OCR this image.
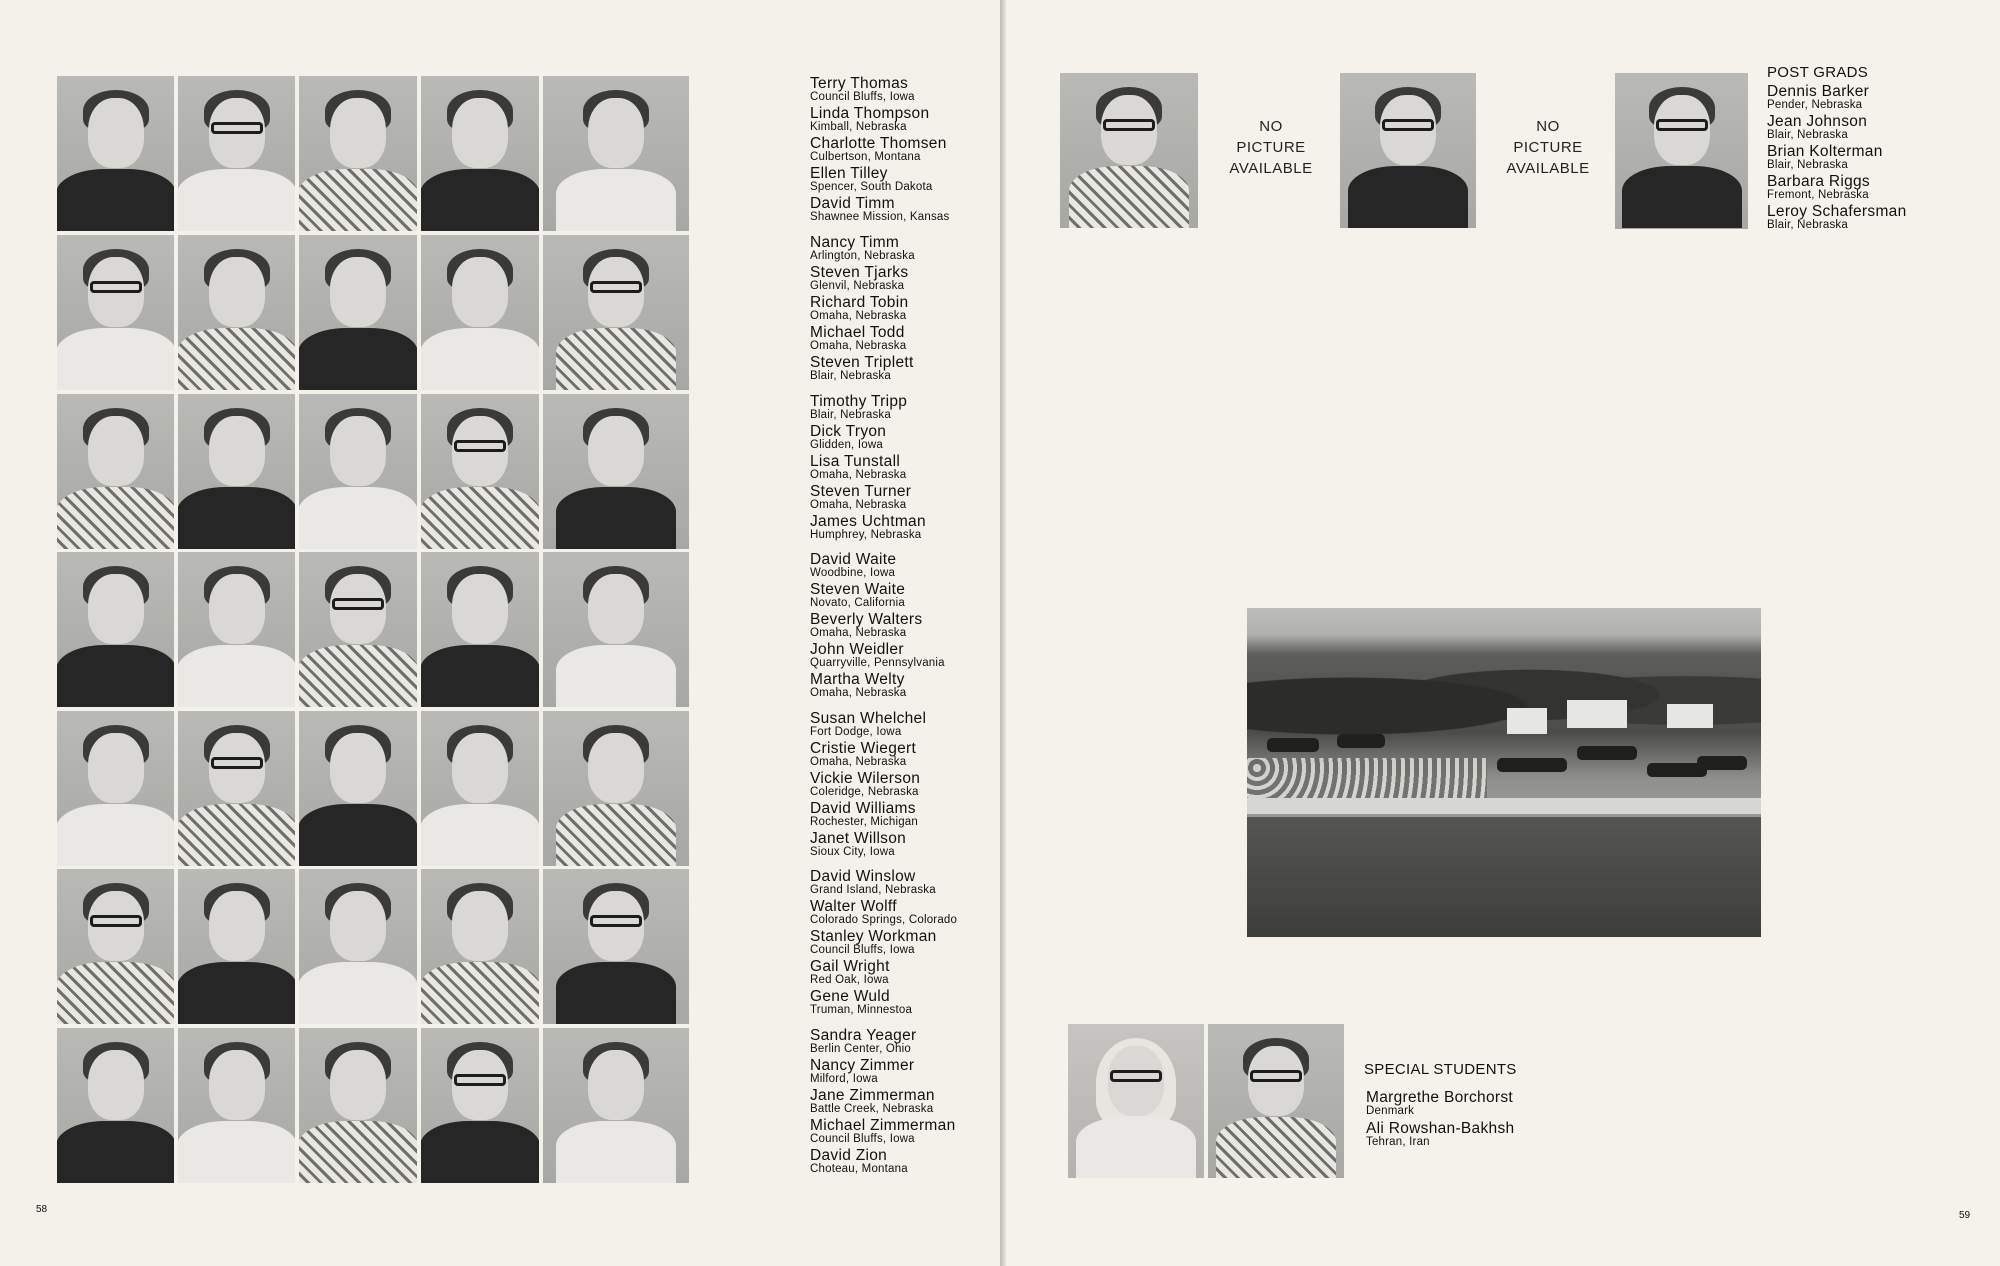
Terry Thomas
Council Bluffs, Iowa
Linda Thompson
Kimball, Nebraska
Charlotte Thomsen
Culbertson, Montana
Ellen Tilley
Spencer, South Dakota
David Timm
Shawnee Mission, Kansas
Nancy Timm
Arlington, Nebraska
Steven Tjarks
Glenvil, Nebraska
Richard Tobin
Omaha, Nebraska
Michael Todd
Omaha, Nebraska
Steven Triplett
Blair, Nebraska
Timothy Tripp
Blair, Nebraska
Dick Tryon
Glidden, Iowa
Lisa Tunstall
Omaha, Nebraska
Steven Turner
Omaha, Nebraska
James Uchtman
Humphrey, Nebraska
David Waite
Woodbine, Iowa
Steven Waite
Novato, California
Beverly Walters
Omaha, Nebraska
John Weidler
Quarryville, Pennsylvania
Martha Welty
Omaha, Nebraska
Susan Whelchel
Fort Dodge, Iowa
Cristie Wiegert
Omaha, Nebraska
Vickie Wilerson
Coleridge, Nebraska
David Williams
Rochester, Michigan
Janet Willson
Sioux City, Iowa
David Winslow
Grand Island, Nebraska
Walter Wolff
Colorado Springs, Colorado
Stanley Workman
Council Bluffs, Iowa
Gail Wright
Red Oak, Iowa
Gene Wuld
Truman, Minnestoa
Sandra Yeager
Berlin Center, Ohio
Nancy Zimmer
Milford, Iowa
Jane Zimmerman
Battle Creek, Nebraska
Michael Zimmerman
Council Bluffs, Iowa
David Zion
Choteau, Montana
58
NO
PICTURE
AVAILABLE
NO
PICTURE
AVAILABLE
POST GRADS
Dennis Barker
Pender, Nebraska
Jean Johnson
Blair, Nebraska
Brian Kolterman
Blair, Nebraska
Barbara Riggs
Fremont, Nebraska
Leroy Schafersman
Blair, Nebraska
SPECIAL STUDENTS
Margrethe Borchorst
Denmark
Ali Rowshan-Bakhsh
Tehran, Iran
59
